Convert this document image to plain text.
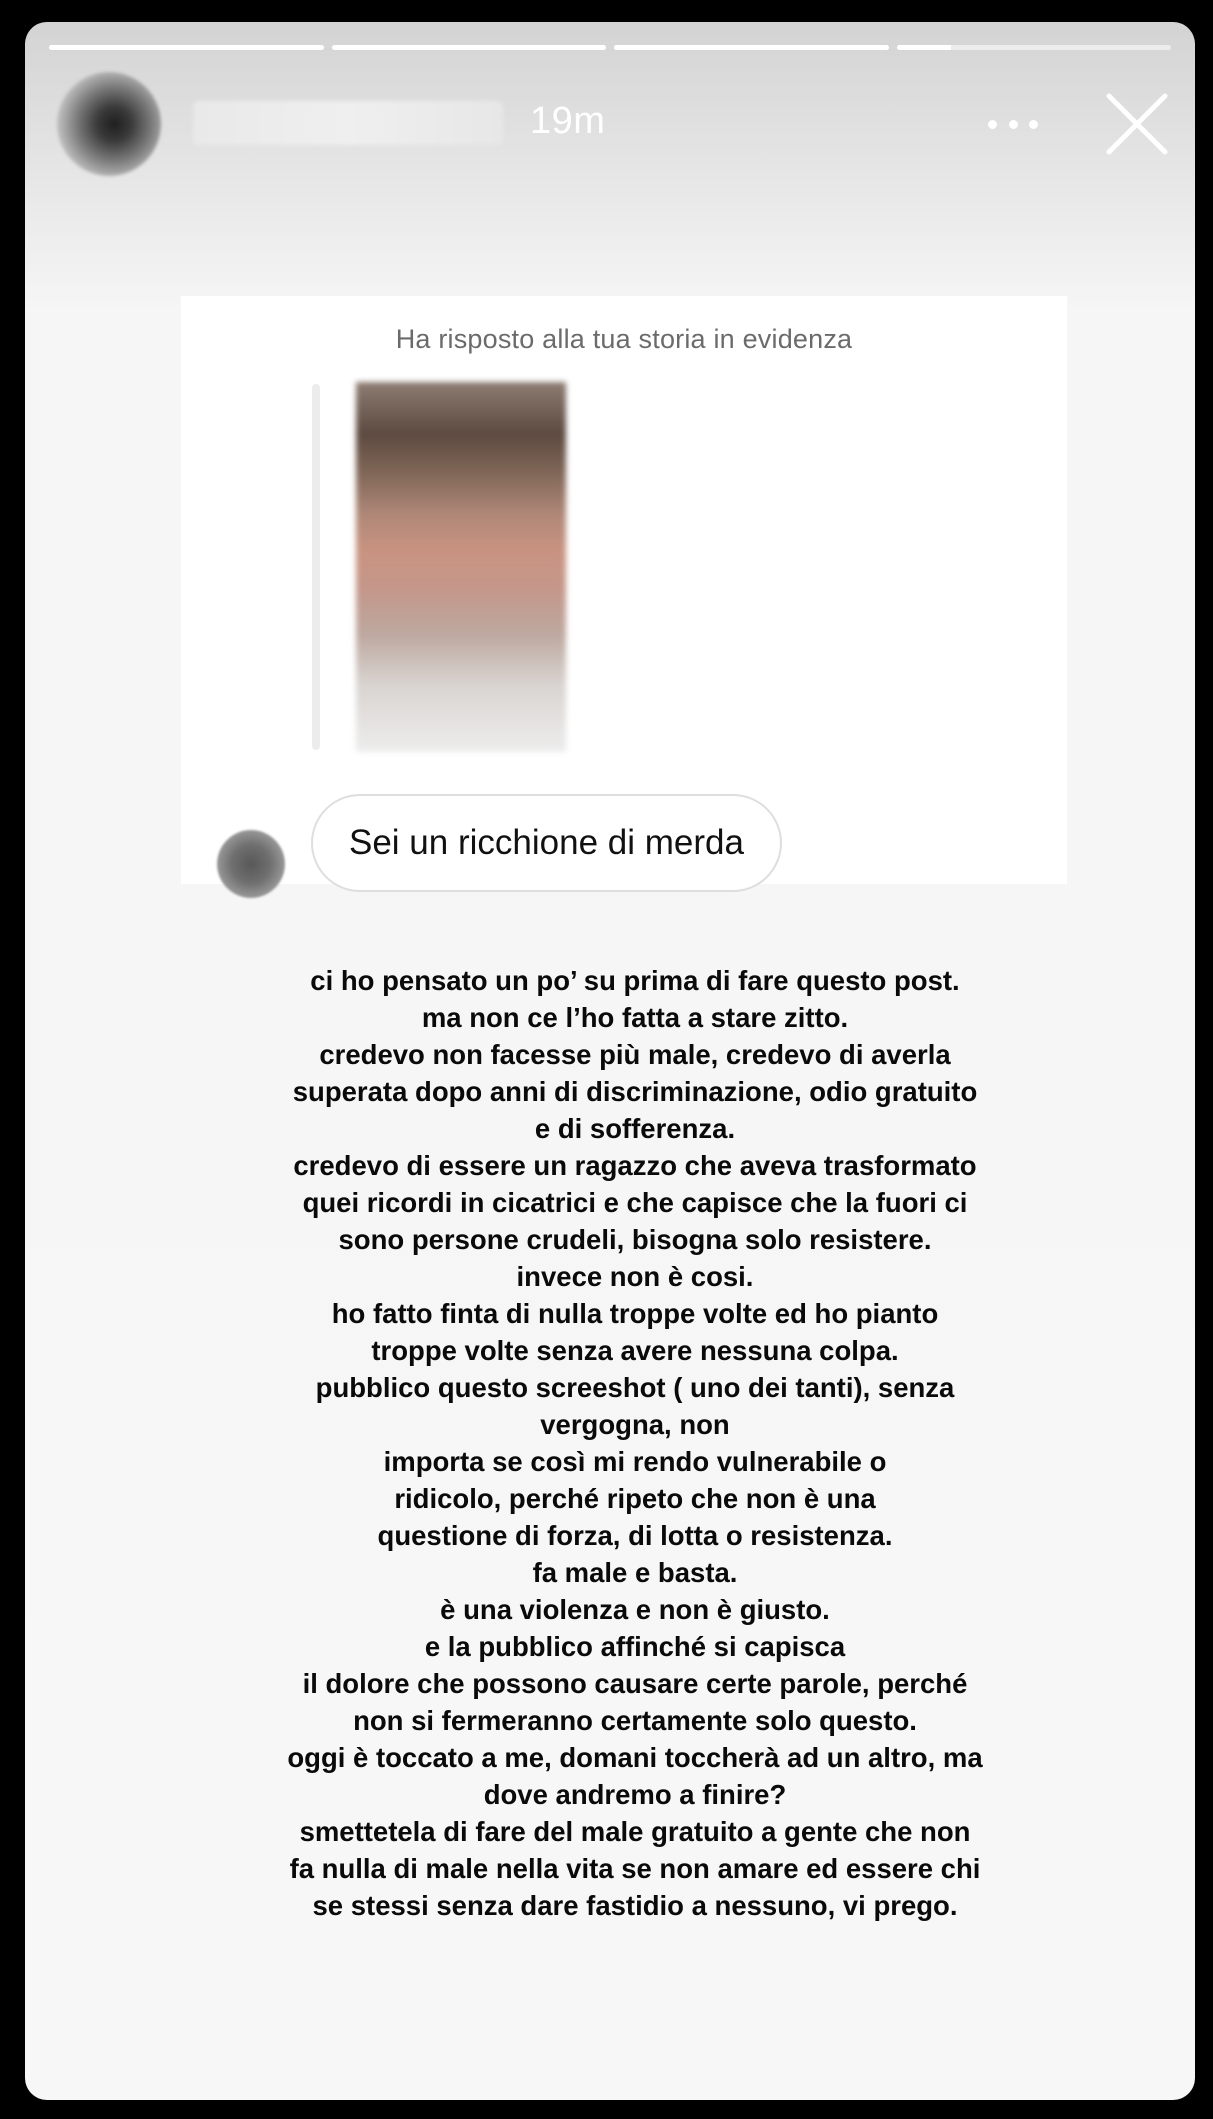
19m
Ha risposto alla tua storia in evidenza
Sei un ricchione di merda
ci ho pensato un po’ su prima di fare questo post.
ma non ce l’ho fatta a stare zitto.
credevo non facesse più male, credevo di averla
superata dopo anni di discriminazione, odio gratuito
e di sofferenza.
credevo di essere un ragazzo che aveva trasformato
quei ricordi in cicatrici e che capisce che la fuori ci
sono persone crudeli, bisogna solo resistere.
invece non è cosi.
ho fatto finta di nulla troppe volte ed ho pianto
troppe volte senza avere nessuna colpa.
pubblico questo screeshot ( uno dei tanti), senza
vergogna, non
importa se così mi rendo vulnerabile o
ridicolo, perché ripeto che non è una
questione di forza, di lotta o resistenza.
fa male e basta.
è una violenza e non è giusto.
e la pubblico affinché si capisca
il dolore che possono causare certe parole, perché
non si fermeranno certamente solo questo.
oggi è toccato a me, domani toccherà ad un altro, ma
dove andremo a finire?
smettetela di fare del male gratuito a gente che non
fa nulla di male nella vita se non amare ed essere chi
se stessi senza dare fastidio a nessuno, vi prego.
